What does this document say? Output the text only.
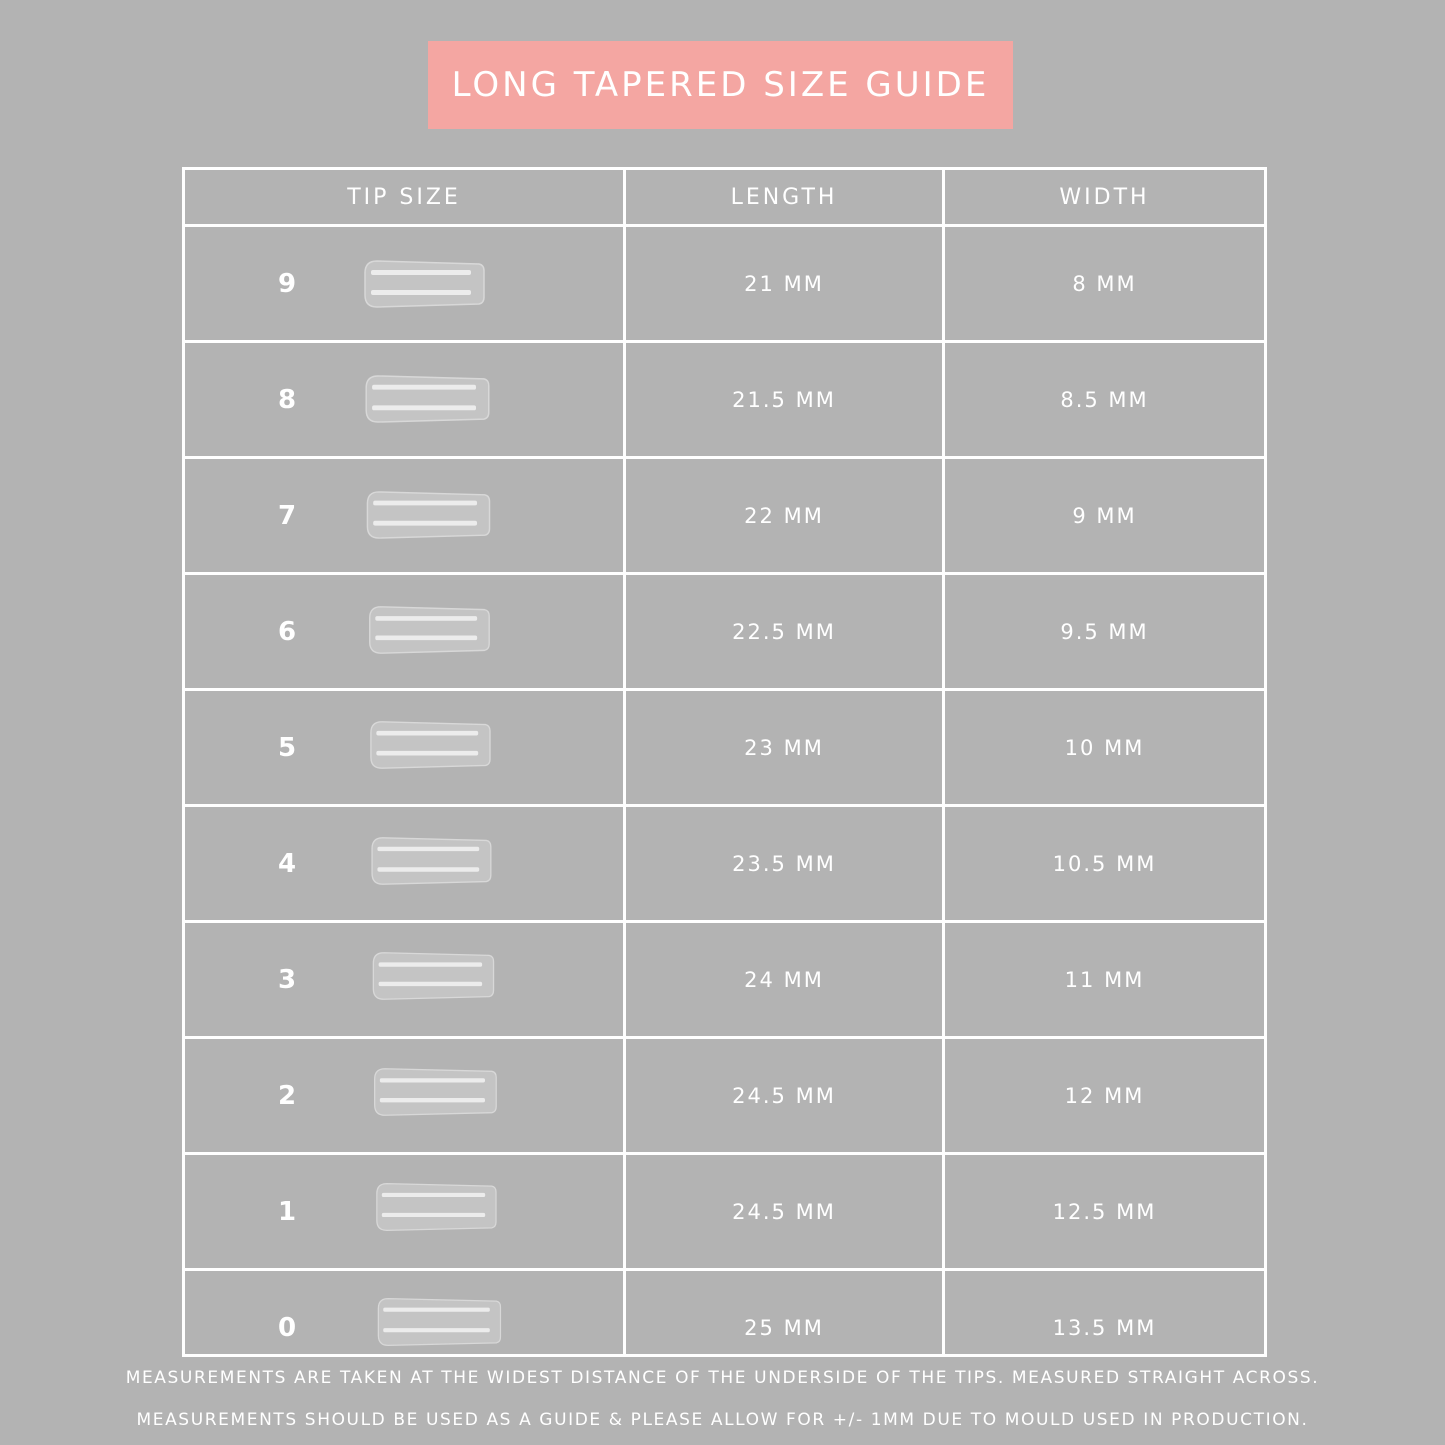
LONG TAPERED SIZE GUIDE
TIP SIZE	LENGTH	WIDTH
9	21 MM	8 MM
8	21.5 MM	8.5 MM
7	22 MM	9 MM
6	22.5 MM	9.5 MM
5	23 MM	10 MM
4	23.5 MM	10.5 MM
3	24 MM	11 MM
2	24.5 MM	12 MM
1	24.5 MM	12.5 MM
0	25 MM	13.5 MM
MEASUREMENTS ARE TAKEN AT THE WIDEST DISTANCE OF THE UNDERSIDE OF THE TIPS. MEASURED STRAIGHT ACROSS.
MEASUREMENTS SHOULD BE USED AS A GUIDE & PLEASE ALLOW FOR +/- 1MM DUE TO MOULD USED IN PRODUCTION.
